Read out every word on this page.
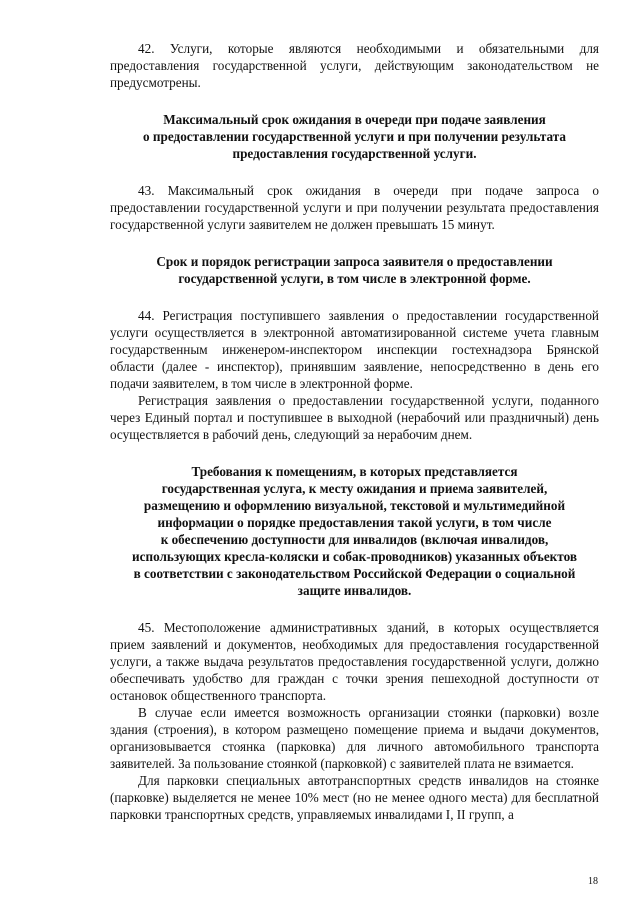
42. Услуги, которые являются необходимыми и обязательными для предоставления государственной услуги, действующим законодательством не предусмотрены.

Максимальный срок ожидания в очереди при подаче заявления
о предоставлении государственной услуги и при получении результата
предоставления государственной услуги.

43. Максимальный срок ожидания в очереди при подаче запроса о предоставлении государственной услуги и при получении результата предоставления государственной услуги заявителем не должен превышать 15 минут.

Срок и порядок регистрации запроса заявителя о предоставлении
государственной услуги, в том числе в электронной форме.

44. Регистрация поступившего заявления о предоставлении государственной услуги осуществляется в электронной автоматизированной системе учета главным государственным инженером-инспектором инспекции гостехнадзора Брянской области (далее - инспектор), принявшим заявление, непосредственно в день его подачи заявителем, в том числе в электронной форме.

Регистрация заявления о предоставлении государственной услуги, поданного через Единый портал и поступившее в выходной (нерабочий или праздничный) день осуществляется в рабочий день, следующий за нерабочим днем.

Требования к помещениям, в которых представляется
государственная услуга, к месту ожидания и приема заявителей,
размещению и оформлению визуальной, текстовой и мультимедийной
информации о порядке предоставления такой услуги, в том числе
к обеспечению доступности для инвалидов (включая инвалидов,
использующих кресла-коляски и собак-проводников) указанных объектов
в соответствии с законодательством Российской Федерации о социальной
защите инвалидов.

45. Местоположение административных зданий, в которых осуществляется прием заявлений и документов, необходимых для предоставления государственной услуги, а также выдача результатов предоставления государственной услуги, должно обеспечивать удобство для граждан с точки зрения пешеходной доступности от остановок общественного транспорта.

В случае если имеется возможность организации стоянки (парковки) возле здания (строения), в котором размещено помещение приема и выдачи документов, организовывается стоянка (парковка) для личного автомобильного транспорта заявителей. За пользование стоянкой (парковкой) с заявителей плата не взимается.

Для парковки специальных автотранспортных средств инвалидов на стоянке (парковке) выделяется не менее 10% мест (но не менее одного места) для бесплатной парковки транспортных средств, управляемых инвалидами I, II групп, а

18
